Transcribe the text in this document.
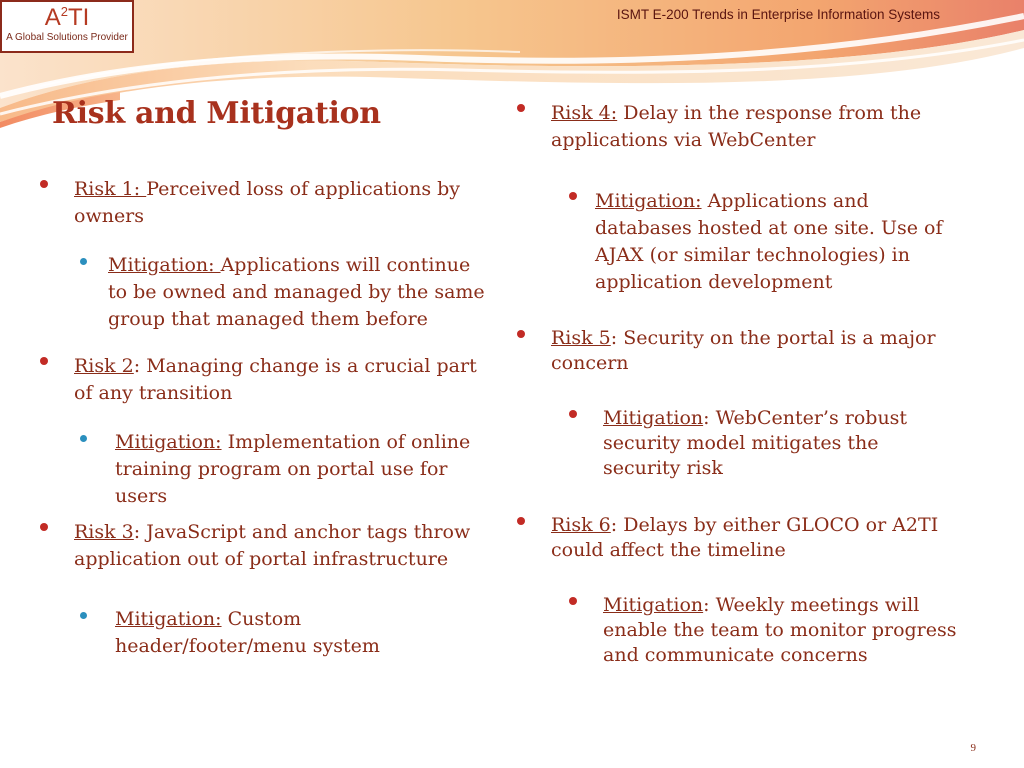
$A^2TI$
A Global Solutions Provider
ISMT E-200 Trends in Enterprise Information Systems
Risk and Mitigation
Risk 1: Perceived loss of applications by owners
Mitigation: Applications will continue to be owned and managed by the same group that managed them before
Risk 2: Managing change is a crucial part of any transition
Mitigation: Implementation of online training program on portal use for users
Risk 3: JavaScript and anchor tags throw application out of portal infrastructure
Mitigation: Custom header/footer/menu system
Risk 4: Delay in the response from the applications via WebCenter
Mitigation: Applications and databases hosted at one site. Use of AJAX (or similar technologies) in application development
Risk 5: Security on the portal is a major concern
Mitigation: WebCenter’s robust security model mitigates the security risk
Risk 6: Delays by either GLOCO or A2TI could affect the timeline
Mitigation: Weekly meetings will enable the team to monitor progress and communicate concerns
9
